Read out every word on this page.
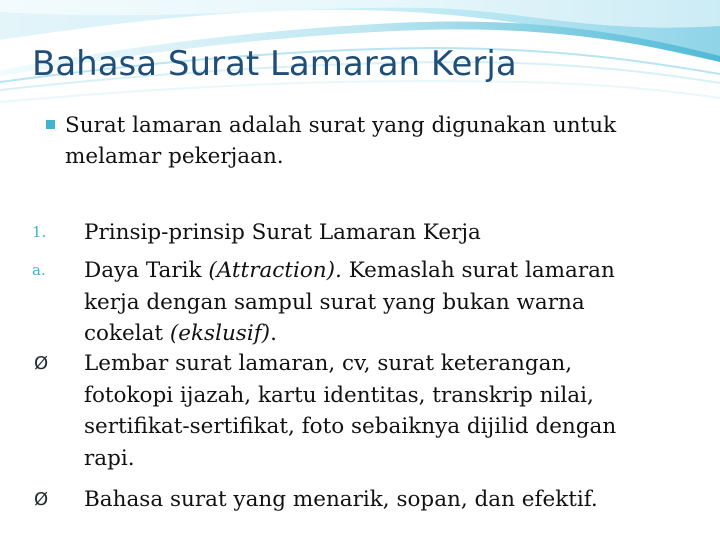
Bahasa Surat Lamaran Kerja

Surat lamaran adalah surat yang digunakan untuk melamar pekerjaan.

1. Prinsip-prinsip Surat Lamaran Kerja

a. Daya Tarik (Attraction). Kemaslah surat lamaran kerja dengan sampul surat yang bukan warna cokelat (ekslusif).

Ø Lembar surat lamaran, cv, surat keterangan, fotokopi ijazah, kartu identitas, transkrip nilai, sertifikat-sertifikat, foto sebaiknya dijilid dengan rapi.

Ø Bahasa surat yang menarik, sopan, dan efektif.
